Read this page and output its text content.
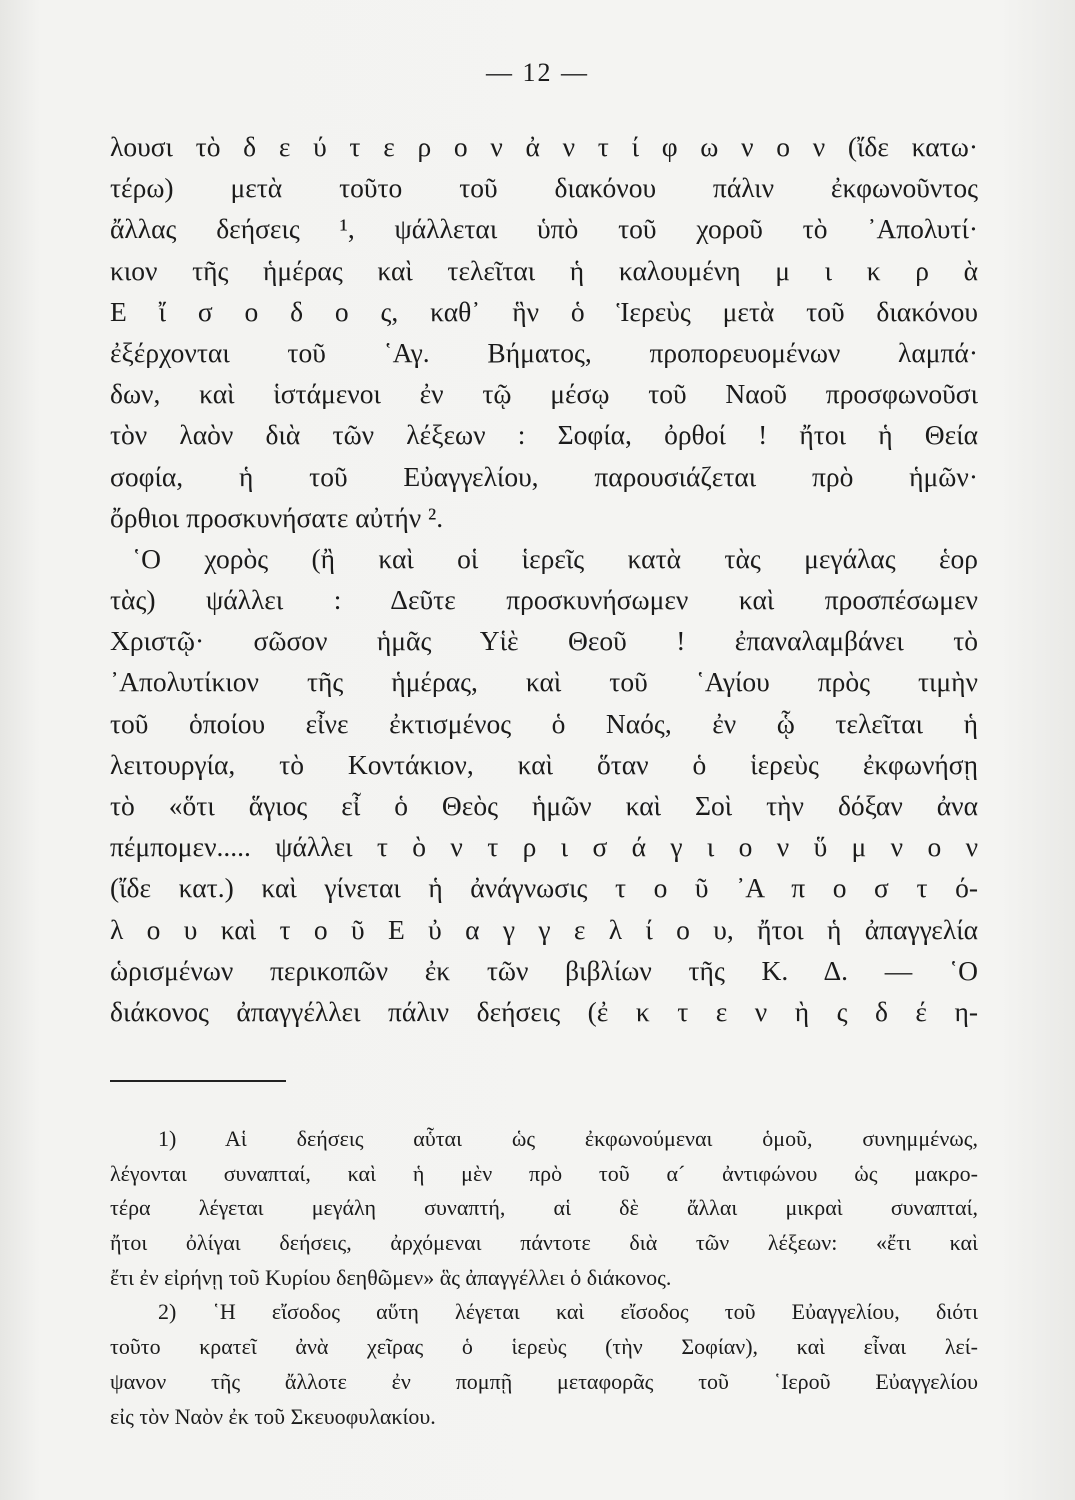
— 12 —
λουσι τὸ δ ε ύ τ ε ρ ο ν ἀ ν τ ί φ ω ν ο ν (ἴδε κατω·
τέρω) μετὰ τοῦτο τοῦ διακόνου πάλιν ἐκφωνοῦντος
ἄλλας δεήσεις ¹, ψάλλεται ὑπὸ τοῦ χοροῦ τὸ ᾽Απολυτί·
κιον τῆς ἡμέρας καὶ τελεῖται ἡ καλουμένη μ ι κ ρ ὰ
Ε ἴ σ ο δ ο ς, καθ᾽ ἣν ὁ Ἱερεὺς μετὰ τοῦ διακόνου
ἐξέρχονται τοῦ ῾Αγ. Βήματος, προπορευομένων λαμπά·
δων, καὶ ἱστάμενοι ἐν τῷ μέσῳ τοῦ Ναοῦ προσφωνοῦσι
τὸν λαὸν διὰ τῶν λέξεων : Σοφία, ὀρθοί ! ἤτοι ἡ Θεία
σοφία, ἡ τοῦ Εὐαγγελίου, παρουσιάζεται πρὸ ἡμῶν·
ὄρθιοι προσκυνήσατε αὐτήν ².
῾Ο χορὸς (ἢ καὶ οἱ ἱερεῖς κατὰ τὰς μεγάλας ἑορ
τὰς) ψάλλει : Δεῦτε προσκυνήσωμεν καὶ προσπέσωμεν
Χριστῷ· σῶσον ἡμᾶς Υἱὲ Θεοῦ ! ἐπαναλαμβάνει τὸ
᾽Απολυτίκιον τῆς ἡμέρας, καὶ τοῦ ῾Αγίου πρὸς τιμὴν
τοῦ ὁποίου εἶνε ἐκτισμένος ὁ Ναός, ἐν ᾧ τελεῖται ἡ
λειτουργία, τὸ Κοντάκιον, καὶ ὅταν ὁ ἱερεὺς ἐκφωνήσῃ
τὸ «ὅτι ἅγιος εἶ ὁ Θεὸς ἡμῶν καὶ Σοὶ τὴν δόξαν ἀνα
πέμπομεν..... ψάλλει τ ὸ ν τ ρ ι σ ά γ ι ο ν ὕ μ ν ο ν
(ἴδε κατ.) καὶ γίνεται ἡ ἀνάγνωσις τ ο ῦ ᾽Α π ο σ τ ό-
λ ο υ καὶ τ ο ῦ Ε ὐ α γ γ ε λ ί ο υ, ἤτοι ἡ ἀπαγγελία
ὡρισμένων περικοπῶν ἐκ τῶν βιβλίων τῆς Κ. Δ. — ῾Ο
διάκονος ἀπαγγέλλει πάλιν δεήσεις (ἐ κ τ ε ν ὴ ς δ έ η-
1) Αἱ δεήσεις αὗται ὡς ἐκφωνούμεναι ὁμοῦ, συνημμένως,
λέγονται συναπταί, καὶ ἡ μὲν πρὸ τοῦ α´ ἀντιφώνου ὡς μακρο-
τέρα λέγεται μεγάλη συναπτή, αἱ δὲ ἄλλαι μικραὶ συναπταί,
ἤτοι ὀλίγαι δεήσεις, ἀρχόμεναι πάντοτε διὰ τῶν λέξεων: «ἔτι καὶ
ἔτι ἐν εἰρήνῃ τοῦ Κυρίου δεηθῶμεν» ἃς ἀπαγγέλλει ὁ διάκονος.
2) ῾Η εἴσοδος αὕτη λέγεται καὶ εἴσοδος τοῦ Εὐαγγελίου, διότι
τοῦτο κρατεῖ ἀνὰ χεῖρας ὁ ἱερεὺς (τὴν Σοφίαν), καὶ εἶναι λεί-
ψανον τῆς ἄλλοτε ἐν πομπῇ μεταφορᾶς τοῦ ῾Ιεροῦ Εὐαγγελίου
εἰς τὸν Ναὸν ἐκ τοῦ Σκευοφυλακίου.
